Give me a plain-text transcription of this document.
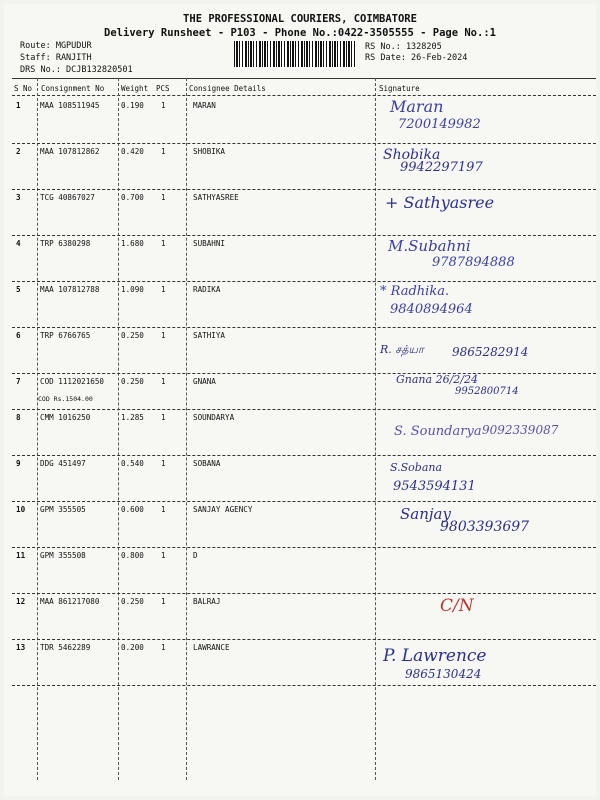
THE PROFESSIONAL COURIERS, COIMBATORE
Delivery Runsheet - P103 - Phone No.:0422-3505555 - Page No.:1
Route: MGPUDUR
Staff: RANJITH
DRS No.: DCJB132820501
RS No.: 1328205
RS Date: 26-Feb-2024
S No Consignment No Weight PCS	Consignee Details	Signature
1	MAA 108511945	0.190 1	MARAN	Maran
7200149982
2	MAA 107812862	0.420 1	SHOBIKA	Shobika
9942297197
3	TCG 40867027	0.700 1	SATHYASREE	+ Sathyasree
4	TRP 6380298	1.680 1	SUBAHNI	M.Subahni
9787894888
5	MAA 107812788	1.090 1	RADIKA	* Radhika.
9840894964
6	TRP 6766765	0.250 1	SATHIYA
R. சத்யா 9865282914
7	COD 1112021650 0.250 1	GNANA
COD Rs.1504.00
Gnana 26/2/24
9952800714
8	CMM 1016250	1.285 1	SOUNDARYA
S. Soundarya 9092339087
9	DDG 451497	0.540 1	SOBANA	S.Sobana
9543594131
10 GPM 355505	0.600 1	SANJAY AGENCY	Sanjay
9803393697
11 GPM 355508	0.800 1	D
12 MAA 861217080	0.250 1	BALRAJ	C/N
13 TDR 5462289	0.200 1	LAWRANCE	P. Lawrence
9865130424
